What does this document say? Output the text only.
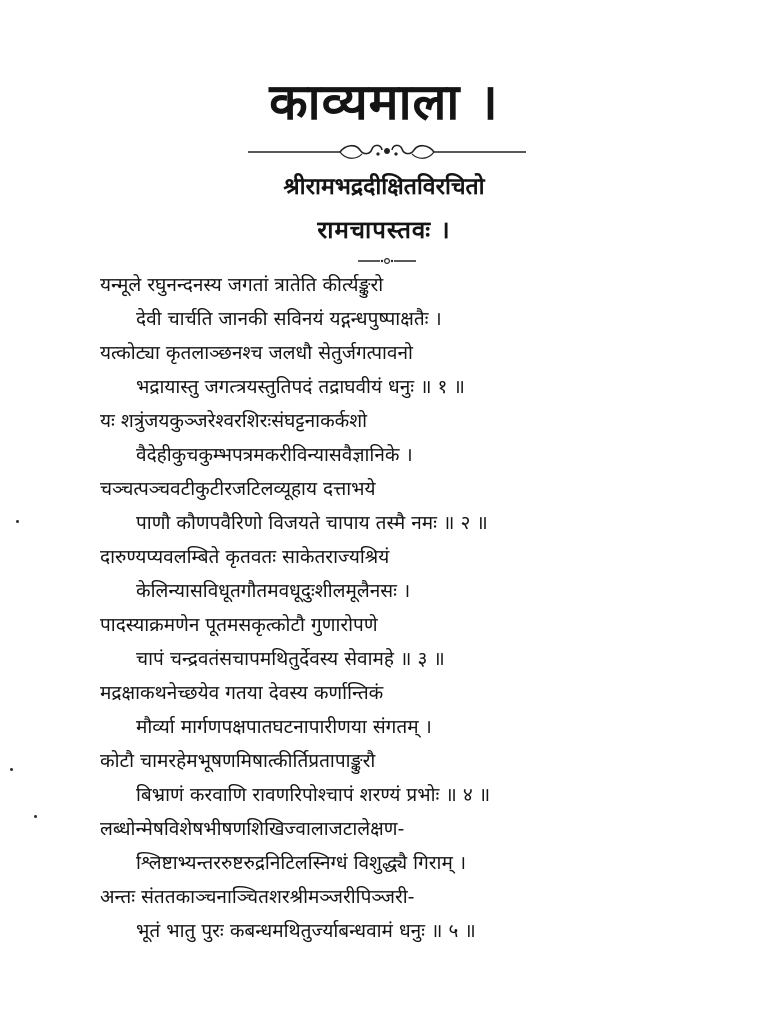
काव्यमाला ।
श्रीरामभद्रदीक्षितविरचितो
रामचापस्तवः ।
यन्मूले रघुनन्दनस्य जगतां त्रातेति कीर्त्यङ्कुरो
देवी चार्चति जानकी सविनयं यद्गन्धपुष्पाक्षतैः ।
यत्कोट्या कृतलाञ्छनश्च जलधौ सेतुर्जगत्पावनो
भद्रायास्तु जगत्त्रयस्तुतिपदं तद्राघवीयं धनुः ॥ १ ॥
यः शत्रुंजयकुञ्जरेश्वरशिरःसंघट्टनाकर्कशो
वैदेहीकुचकुम्भपत्रमकरीविन्यासवैज्ञानिके ।
चञ्चत्पञ्चवटीकुटीरजटिलव्यूहाय दत्ताभये
पाणौ कौणपवैरिणो विजयते चापाय तस्मै नमः ॥ २ ॥
दारुण्यप्यवलम्बिते कृतवतः साकेतराज्यश्रियं
केलिन्यासविधूतगौतमवधूदुःशीलमूलैनसः ।
पादस्याक्रमणेन पूतमसकृत्कोटौ गुणारोपणे
चापं चन्द्रवतंसचापमथितुर्देवस्य सेवामहे ॥ ३ ॥
मद्रक्षाकथनेच्छयेव गतया देवस्य कर्णान्तिकं
मौर्व्या मार्गणपक्षपातघटनापारीणया संगतम् ।
कोटौ चामरहेमभूषणमिषात्कीर्तिप्रतापाङ्कुरौ
बिभ्राणं करवाणि रावणरिपोश्चापं शरण्यं प्रभोः ॥ ४ ॥
लब्धोन्मेषविशेषभीषणशिखिज्वालाजटालेक्षण-
श्लिष्टाभ्यन्तररुष्टरुद्रनिटिलस्निग्धं विशुद्ध्यै गिराम् ।
अन्तः संततकाञ्चनाञ्चितशरश्रीमञ्जरीपिञ्जरी-
भूतं भातु पुरः कबन्धमथितुर्ज्याबन्धवामं धनुः ॥ ५ ॥
